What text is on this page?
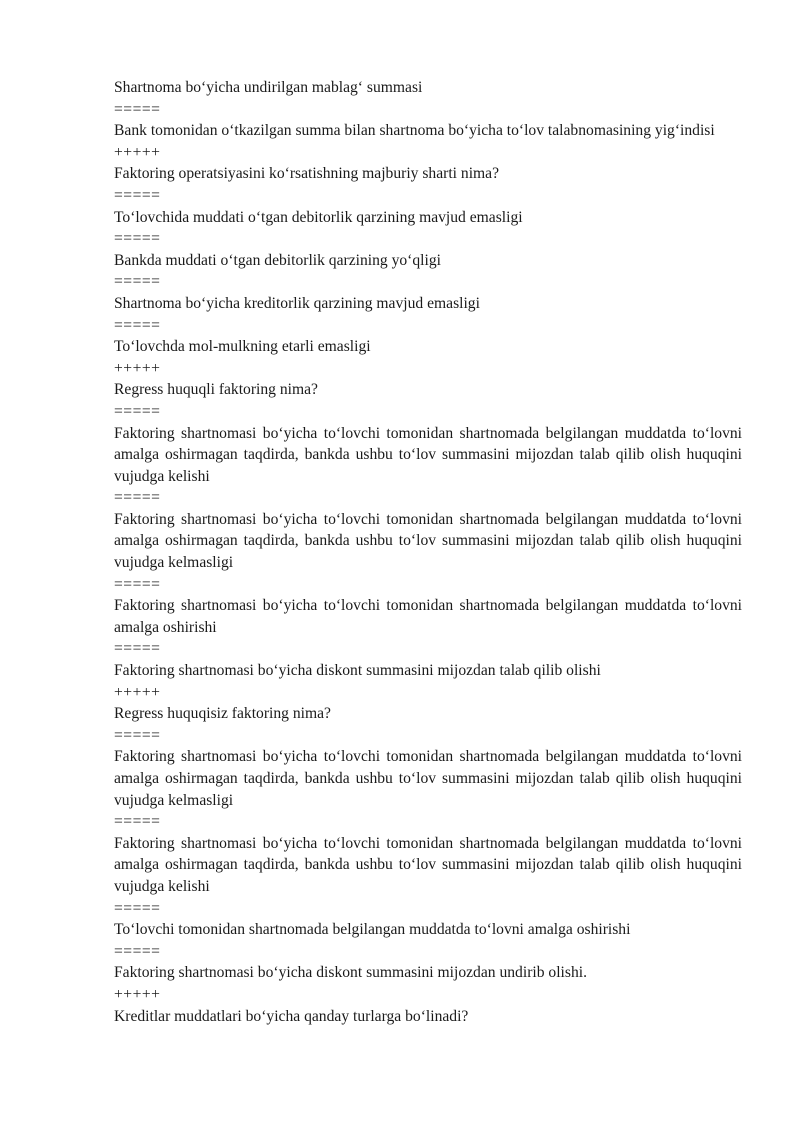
Shartnoma bo‘yicha undirilgan mablag‘ summasi

=====

Bank tomonidan o‘tkazilgan summa bilan shartnoma bo‘yicha to‘lov talabnomasining yig‘indisi

+++++

Faktoring operatsiyasini ko‘rsatishning majburiy sharti nima?

=====

To‘lovchida muddati o‘tgan debitorlik qarzining mavjud emasligi

=====

Bankda muddati o‘tgan debitorlik qarzining yo‘qligi

=====

Shartnoma bo‘yicha kreditorlik qarzining mavjud emasligi

=====

To‘lovchda mol-mulkning etarli emasligi

+++++

Regress huquqli faktoring nima?

=====

Faktoring shartnomasi bo‘yicha to‘lovchi tomonidan shartnomada belgilangan muddatda to‘lovni amalga oshirmagan taqdirda, bankda ushbu to‘lov summasini mijozdan talab qilib olish huquqini vujudga kelishi

=====

Faktoring shartnomasi bo‘yicha to‘lovchi tomonidan shartnomada belgilangan muddatda to‘lovni amalga oshirmagan taqdirda, bankda ushbu to‘lov summasini mijozdan talab qilib olish huquqini vujudga kelmasligi

=====

Faktoring shartnomasi bo‘yicha to‘lovchi tomonidan shartnomada belgilangan muddatda to‘lovni amalga oshirishi

=====

Faktoring shartnomasi bo‘yicha diskont summasini mijozdan talab qilib olishi

+++++

Regress huquqisiz faktoring nima?

=====

Faktoring shartnomasi bo‘yicha to‘lovchi tomonidan shartnomada belgilangan muddatda to‘lovni amalga oshirmagan taqdirda, bankda ushbu to‘lov summasini mijozdan talab qilib olish huquqini vujudga kelmasligi

=====

Faktoring shartnomasi bo‘yicha to‘lovchi tomonidan shartnomada belgilangan muddatda to‘lovni amalga oshirmagan taqdirda, bankda ushbu to‘lov summasini mijozdan talab qilib olish huquqini vujudga kelishi

=====

To‘lovchi tomonidan shartnomada belgilangan muddatda to‘lovni amalga oshirishi

=====

Faktoring shartnomasi bo‘yicha diskont summasini mijozdan undirib olishi.

+++++

Kreditlar muddatlari bo‘yicha qanday turlarga bo‘linadi?
